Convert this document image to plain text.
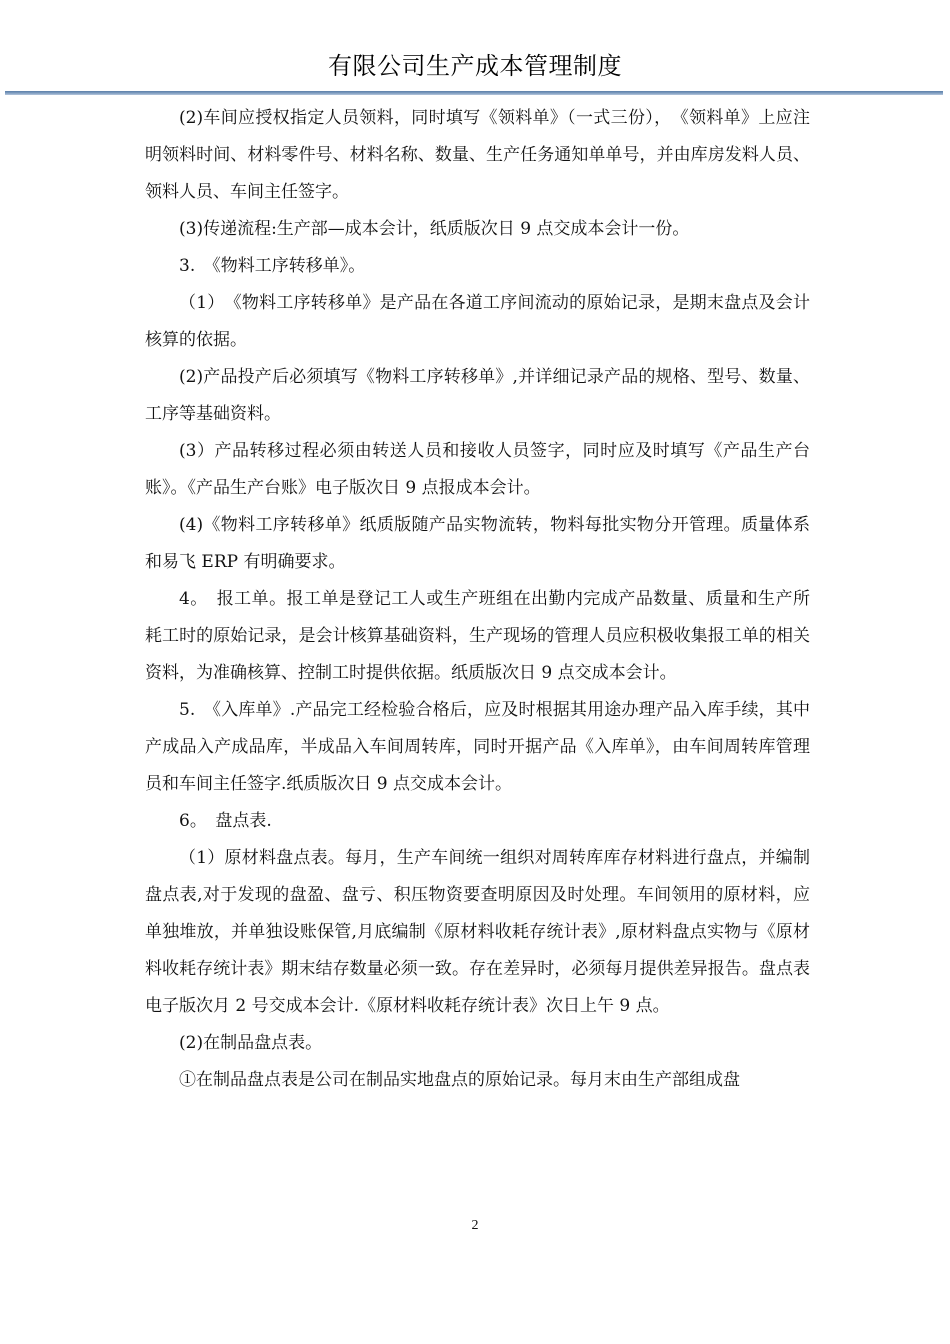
有限公司生产成本管理制度

(2)车间应授权指定人员领料，同时填写《领料单》（一式三份），　《领料单》上应注明领料时间、材料零件号、材料名称、数量、生产任务通知单单号，并由库房发料人员、领料人员、车间主任签字。

(3)传递流程:生产部—成本会计，纸质版次日 9 点交成本会计一份。

3.　《物料工序转移单》。

（1）　《物料工序转移单》是产品在各道工序间流动的原始记录，是期末盘点及会计核算的依据。

(2)产品投产后必须填写《物料工序转移单》,并详细记录产品的规格、型号、数量、工序等基础资料。

(3）产品转移过程必须由转送人员和接收人员签字，同时应及时填写《产品生产台账》。《产品生产台账》电子版次日 9 点报成本会计。

(4)《物料工序转移单》纸质版随产品实物流转，物料每批实物分开管理。质量体系和易飞 ERP 有明确要求。

4。　报工单。报工单是登记工人或生产班组在出勤内完成产品数量、质量和生产所耗工时的原始记录，是会计核算基础资料，生产现场的管理人员应积极收集报工单的相关资料，为准确核算、控制工时提供依据。纸质版次日 9 点交成本会计。

5.　《入库单》.产品完工经检验合格后，应及时根据其用途办理产品入库手续，其中产成品入产成品库，半成品入车间周转库，同时开据产品《入库单》，由车间周转库管理员和车间主任签字.纸质版次日 9 点交成本会计。

6。　盘点表.

（1）原材料盘点表。每月，生产车间统一组织对周转库库存材料进行盘点，并编制盘点表,对于发现的盘盈、盘亏、积压物资要查明原因及时处理。车间领用的原材料，应单独堆放，并单独设账保管,月底编制《原材料收耗存统计表》,原材料盘点实物与《原材料收耗存统计表》期末结存数量必须一致。存在差异时，必须每月提供差异报告。盘点表电子版次月 2 号交成本会计.《原材料收耗存统计表》次日上午 9 点。

(2)在制品盘点表。

①在制品盘点表是公司在制品实地盘点的原始记录。每月末由生产部组成盘

2
